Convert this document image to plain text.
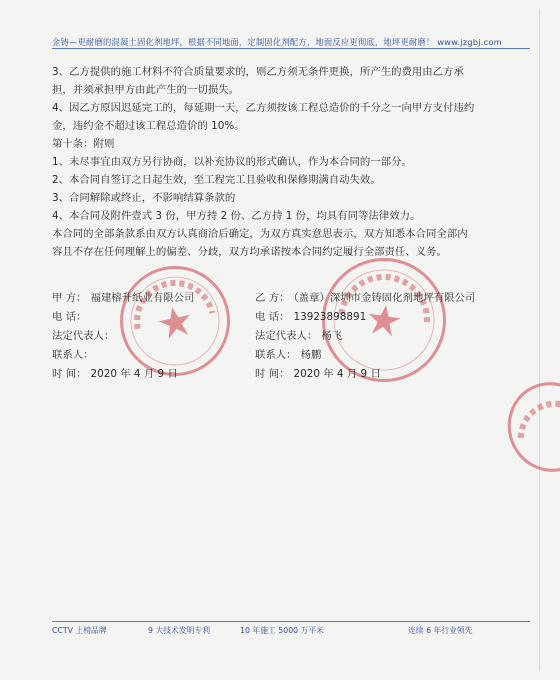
金铸—更耐磨的混凝土固化剂地坪，根据不同地面，定制固化剂配方，地面反应更彻底，地坪更耐磨！ www.jzgbj.com
3、乙方提供的施工材料不符合质量要求的，则乙方须无条件更换，所产生的费用由乙方承
担，并须承担甲方由此产生的一切损失。
4、因乙方原因迟延完工的，每延期一天，乙方须按该工程总造价的千分之一向甲方支付违约
金，违约金不超过该工程总造价的 10%。
第十条：附则
1、未尽事宜由双方另行协商，以补充协议的形式确认，作为本合同的一部分。
2、本合同自签订之日起生效，至工程完工且验收和保修期满自动失效。
3、合同解除或终止，不影响结算条款的
4、本合同及附件壹式 3 份，甲方持 2 份、乙方持 1 份，均具有同等法律效力。
本合同的全部条款系由双方认真商洽后确定，为双方真实意思表示，双方知悉本合同全部内
容且不存在任何理解上的偏差、分歧，双方均承诺按本合同约定履行全部责任、义务。
甲 方： 福建榕升纸业有限公司
电 话：
法定代表人：
联系人：
时 间： 2020 年 4 月 9 日
乙 方： （盖章）深圳市金铸固化剂地坪有限公司
电 话： 13923898891
法定代表人： 杨飞
联系人： 杨鹏
时 间： 2020 年 4 月 9 日
CCTV 上榜品牌	9 大技术发明专利	10 年施工 5000 万平米	连续 6 年行业领先
